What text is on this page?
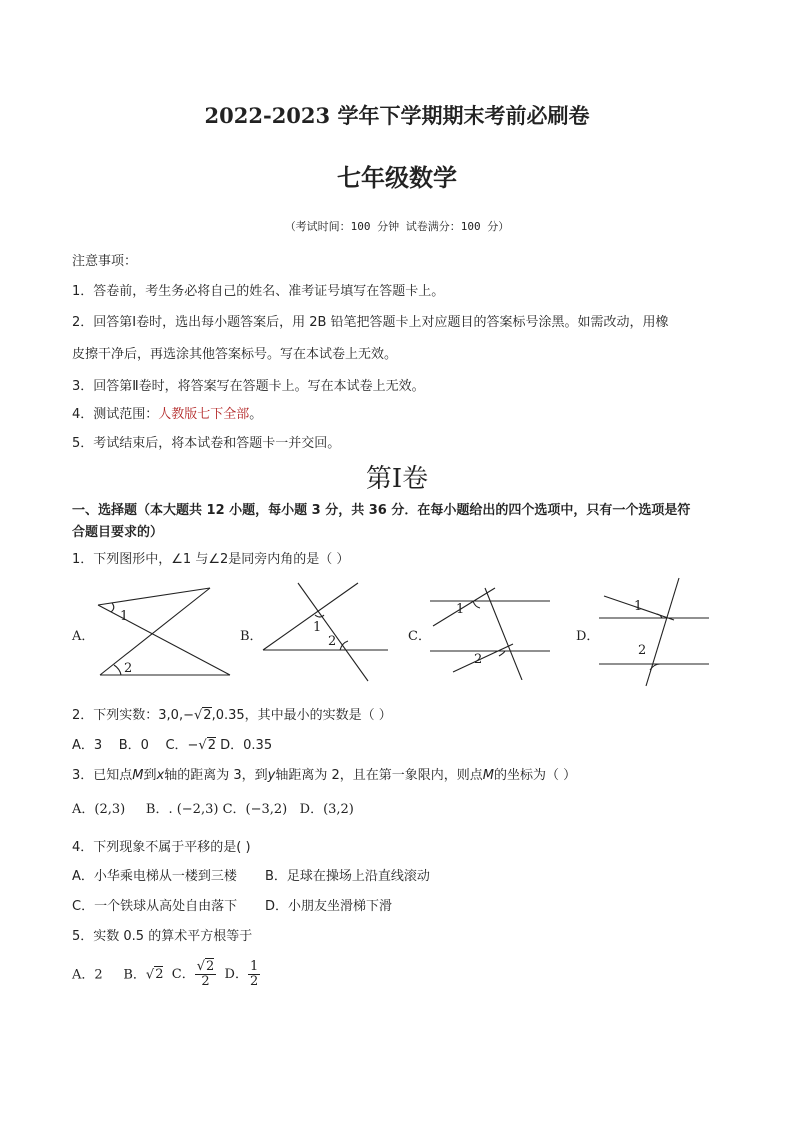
2022-2023 学年下学期期末考前必刷卷
七年级数学
（考试时间：100 分钟 试卷满分：100 分）
注意事项：
1．答卷前，考生务必将自己的姓名、准考证号填写在答题卡上。
2．回答第Ⅰ卷时，选出每小题答案后，用 2B 铅笔把答题卡上对应题目的答案标号涂黑。如需改动，用橡
皮擦干净后，再选涂其他答案标号。写在本试卷上无效。
3．回答第Ⅱ卷时，将答案写在答题卡上。写在本试卷上无效。
4．测试范围：人教版七下全部。
5．考试结束后，将本试卷和答题卡一并交回。
第Ⅰ卷
一、选择题（本大题共 12 小题，每小题 3 分，共 36 分．在每小题给出的四个选项中，只有一个选项是符
合题目要求的）
1．下列图形中，∠1 与∠2是同旁内角的是（ ）
A．	B．	C．	D．
1
2
1
2
1
2
1
2
2．下列实数：3,0,−√2,0.35，其中最小的实数是（ ）
A．3 B．0 C．−√2 D．0.35
3．已知点M到x轴的距离为 3，到y轴距离为 2，且在第一象限内，则点M的坐标为（ ）
A．(2,3) B．. (−2,3) C．(−3,2) D．(3,2)
4．下列现象不属于平移的是( )
A．小华乘电梯从一楼到三楼 B．足球在操场上沿直线滚动
C．一个铁球从高处自由落下 D．小朋友坐滑梯下滑
5．实数 0.5 的算术平方根等于
A．2 B．√2 C． $\frac{√2}{2}$ D． $\frac{1}{2}$
